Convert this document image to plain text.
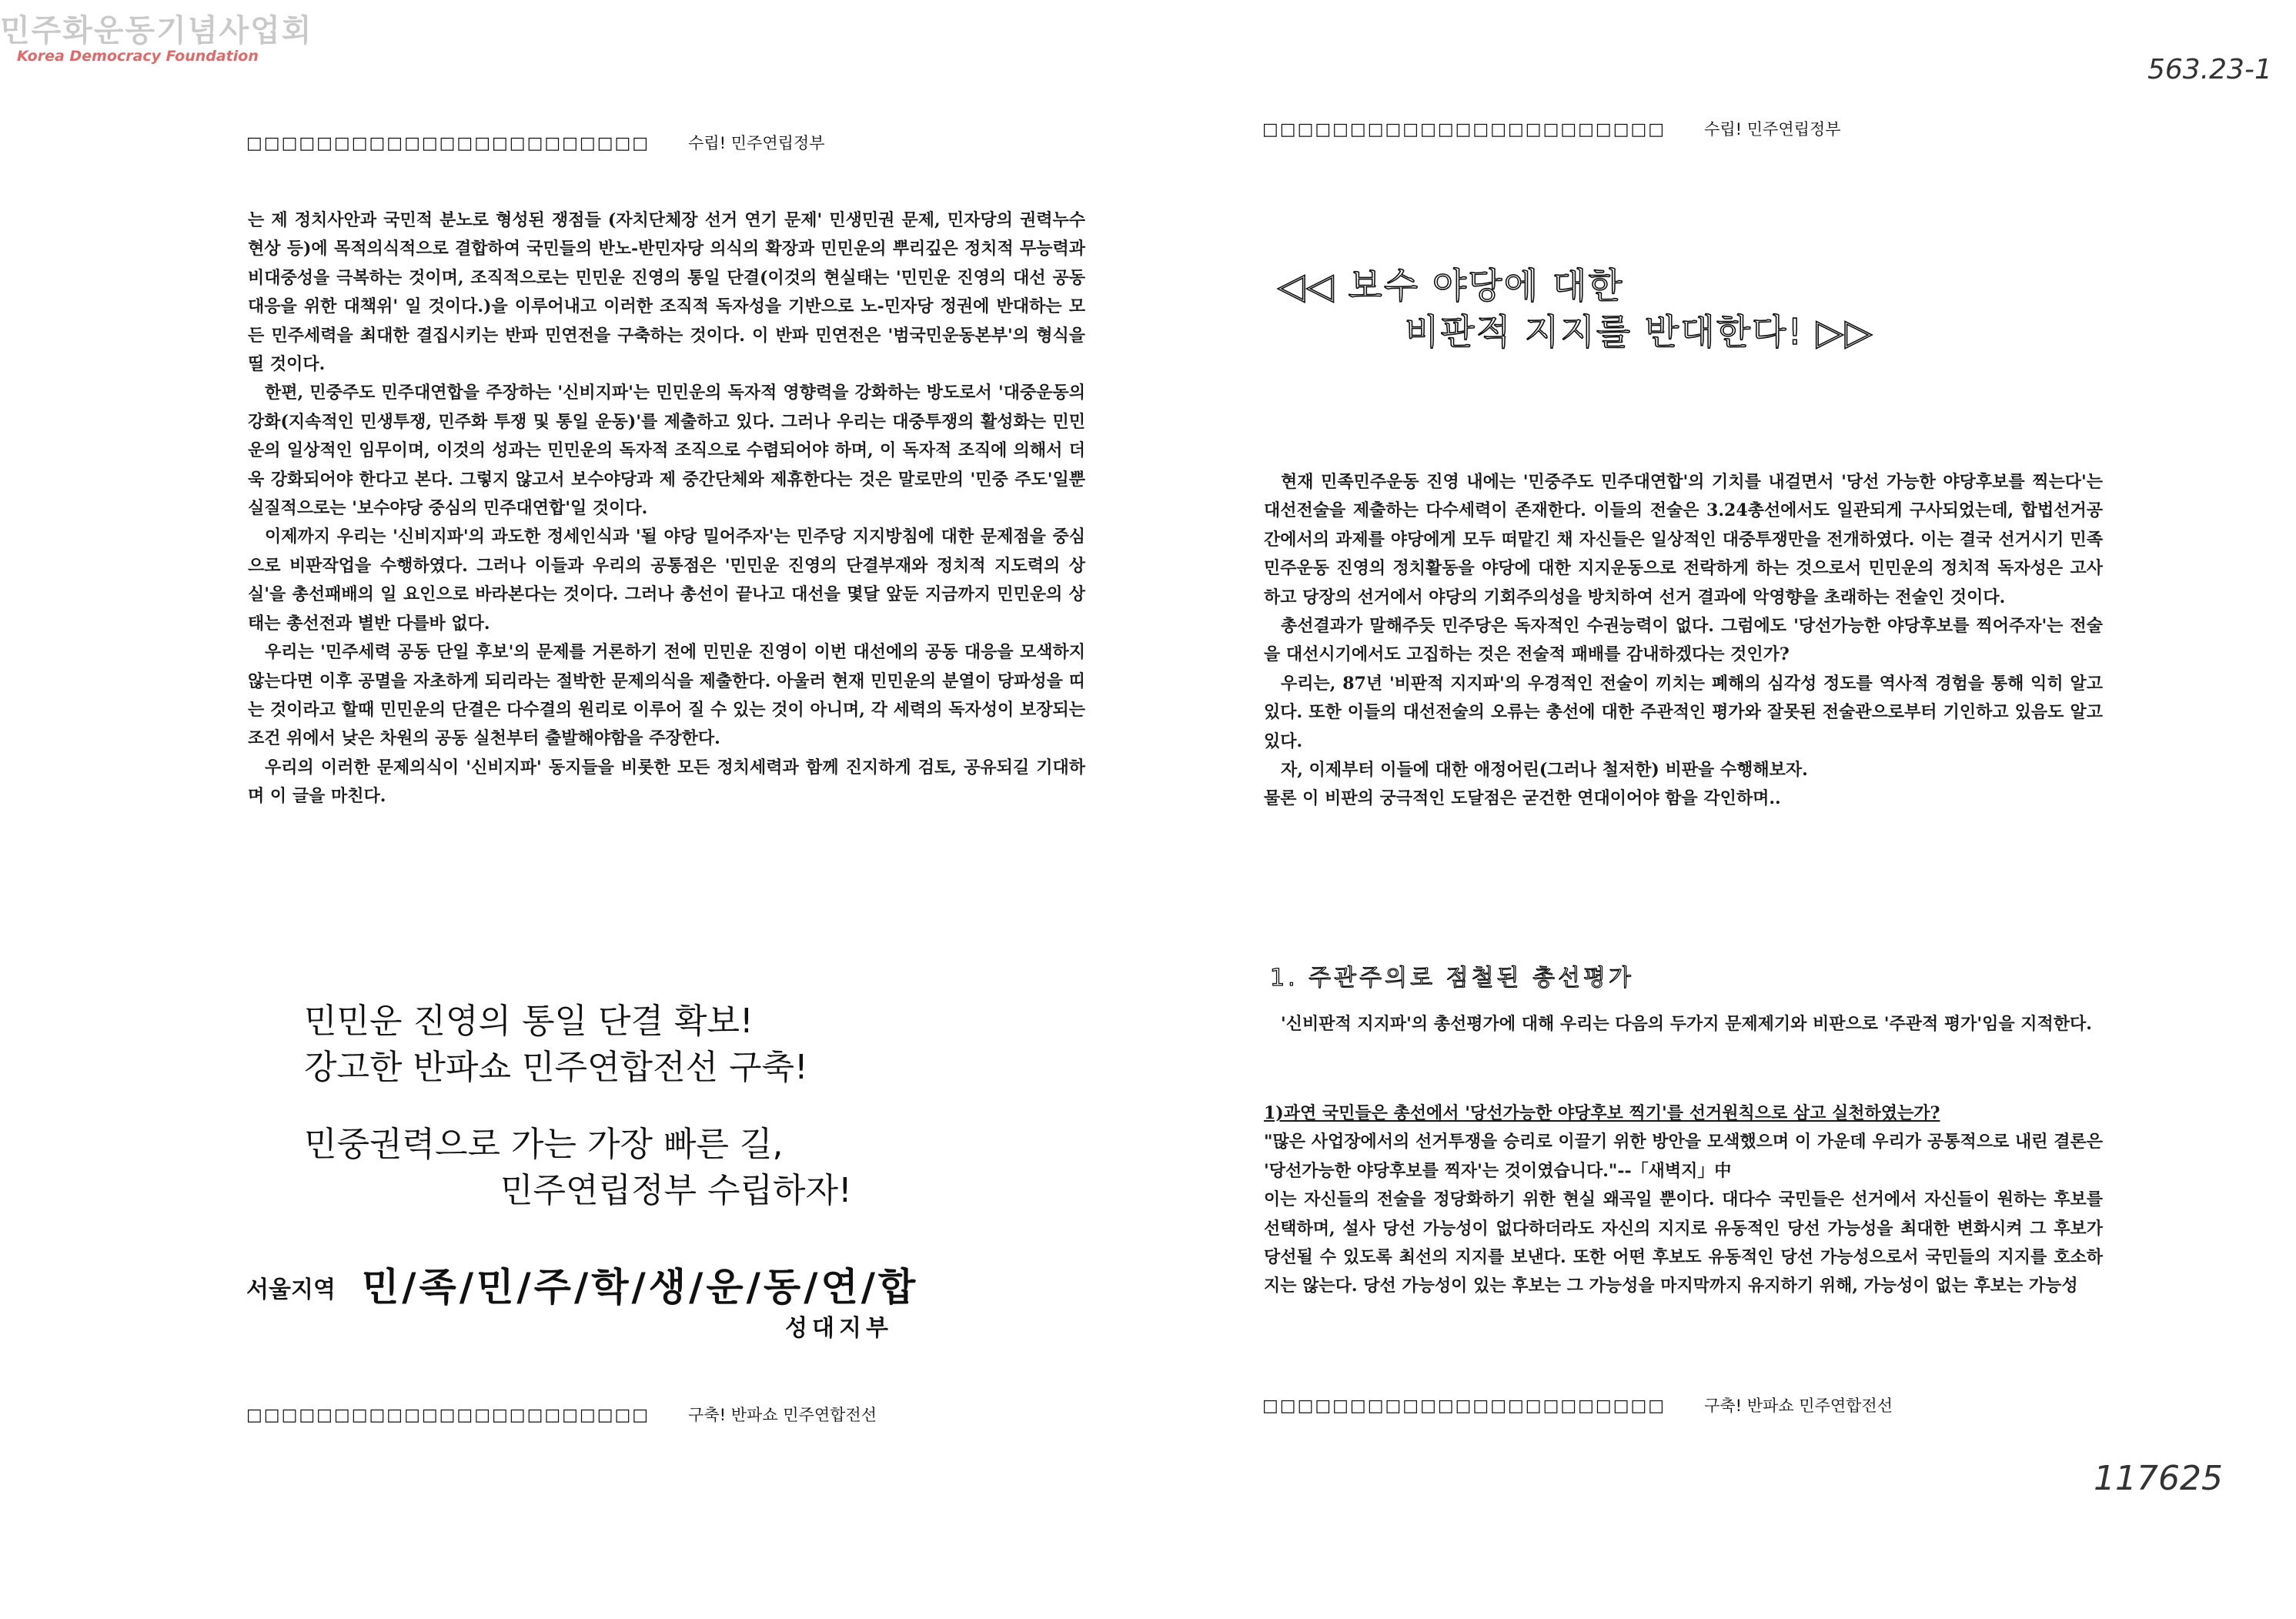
민주화운동기념사업회
Korea Democracy Foundation	563.23-1
117625
□□□□□□□□□□□□□□□□□□□□□□□ 수립! 민주연립정부

는 제 정치사안과 국민적 분노로 형성된 쟁점들 (자치단체장 선거 연기 문제' 민생민권 문제, 민자당의 권력누수 현상 등)에 목적의식적으로 결합하여 국민들의 반노-반민자당 의식의 확장과 민민운의 뿌리깊은 정치적 무능력과 비대중성을 극복하는 것이며, 조직적으로는 민민운 진영의 통일 단결(이것의 현실태는 '민민운 진영의 대선 공동 대응을 위한 대책위' 일 것이다.)을 이루어내고 이러한 조직적 독자성을 기반으로 노-민자당 정권에 반대하는 모든 민주세력을 최대한 결집시키는 반파 민연전을 구축하는 것이다. 이 반파 민연전은 '범국민운동본부'의 형식을 띨 것이다.

한편, 민중주도 민주대연합을 주장하는 '신비지파'는 민민운의 독자적 영향력을 강화하는 방도로서 '대중운동의 강화(지속적인 민생투쟁, 민주화 투쟁 및 통일 운동)'를 제출하고 있다. 그러나 우리는 대중투쟁의 활성화는 민민운의 일상적인 임무이며, 이것의 성과는 민민운의 독자적 조직으로 수렴되어야 하며, 이 독자적 조직에 의해서 더욱 강화되어야 한다고 본다. 그렇지 않고서 보수야당과 제 중간단체와 제휴한다는 것은 말로만의 '민중 주도'일뿐 실질적으로는 '보수야당 중심의 민주대연합'일 것이다.

이제까지 우리는 '신비지파'의 과도한 정세인식과 '될 야당 밀어주자'는 민주당 지지방침에 대한 문제점을 중심으로 비판작업을 수행하였다. 그러나 이들과 우리의 공통점은 '민민운 진영의 단결부재와 정치적 지도력의 상실'을 총선패배의 일 요인으로 바라본다는 것이다. 그러나 총선이 끝나고 대선을 몇달 앞둔 지금까지 민민운의 상태는 총선전과 별반 다를바 없다.

우리는 '민주세력 공동 단일 후보'의 문제를 거론하기 전에 민민운 진영이 이번 대선에의 공동 대응을 모색하지 않는다면 이후 공멸을 자초하게 되리라는 절박한 문제의식을 제출한다. 아울러 현재 민민운의 분열이 당파성을 띠는 것이라고 할때 민민운의 단결은 다수결의 원리로 이루어 질 수 있는 것이 아니며, 각 세력의 독자성이 보장되는 조건 위에서 낮은 차원의 공동 실천부터 출발해야함을 주장한다.

우리의 이러한 문제의식이 '신비지파' 동지들을 비롯한 모든 정치세력과 함께 진지하게 검토, 공유되길 기대하며 이 글을 마친다.

민민운 진영의 통일 단결 확보!
강고한 반파쇼 민주연합전선 구축!
민중권력으로 가는 가장 빠른 길,
민주연립정부 수립하자!
서울지역 민/족/민/주/학/생/운/동/연/합
성대지부
□□□□□□□□□□□□□□□□□□□□□□□ 구축! 반파쇼 민주연합전선
□□□□□□□□□□□□□□□□□□□□□□□ 수립! 민주연립정부
◁◁ 보수 야당에 대한
비판적 지지를 반대한다! ▷▷

현재 민족민주운동 진영 내에는 '민중주도 민주대연합'의 기치를 내걸면서 '당선 가능한 야당후보를 찍는다'는 대선전술을 제출하는 다수세력이 존재한다. 이들의 전술은 3.24총선에서도 일관되게 구사되었는데, 합법선거공간에서의 과제를 야당에게 모두 떠맡긴 채 자신들은 일상적인 대중투쟁만을 전개하였다. 이는 결국 선거시기 민족민주운동 진영의 정치활동을 야당에 대한 지지운동으로 전락하게 하는 것으로서 민민운의 정치적 독자성은 고사하고 당장의 선거에서 야당의 기회주의성을 방치하여 선거 결과에 악영향을 초래하는 전술인 것이다.

총선결과가 말해주듯 민주당은 독자적인 수권능력이 없다. 그럼에도 '당선가능한 야당후보를 찍어주자'는 전술을 대선시기에서도 고집하는 것은 전술적 패배를 감내하겠다는 것인가?

우리는, 87년 '비판적 지지파'의 우경적인 전술이 끼치는 폐해의 심각성 정도를 역사적 경험을 통해 익히 알고 있다. 또한 이들의 대선전술의 오류는 총선에 대한 주관적인 평가와 잘못된 전술관으로부터 기인하고 있음도 알고있다.

자, 이제부터 이들에 대한 애정어린(그러나 철저한) 비판을 수행해보자.

물론 이 비판의 궁극적인 도달점은 굳건한 연대이어야 함을 각인하며..

1. 주관주의로 점철된 총선평가

'신비판적 지지파'의 총선평가에 대해 우리는 다음의 두가지 문제제기와 비판으로 '주관적 평가'임을 지적한다.

1)과연 국민들은 총선에서 '당선가능한 야당후보 찍기'를 선거원칙으로 삼고 실천하였는가?

"많은 사업장에서의 선거투쟁을 승리로 이끌기 위한 방안을 모색했으며 이 가운데 우리가 공통적으로 내린 결론은 '당선가능한 야당후보를 찍자'는 것이였습니다."--「새벽지」中

이는 자신들의 전술을 정당화하기 위한 현실 왜곡일 뿐이다. 대다수 국민들은 선거에서 자신들이 원하는 후보를 선택하며, 설사 당선 가능성이 없다하더라도 자신의 지지로 유동적인 당선 가능성을 최대한 변화시켜 그 후보가 당선될 수 있도록 최선의 지지를 보낸다. 또한 어떤 후보도 유동적인 당선 가능성으로서 국민들의 지지를 호소하지는 않는다. 당선 가능성이 있는 후보는 그 가능성을 마지막까지 유지하기 위해, 가능성이 없는 후보는 가능성

□□□□□□□□□□□□□□□□□□□□□□□ 구축! 반파쇼 민주연합전선
